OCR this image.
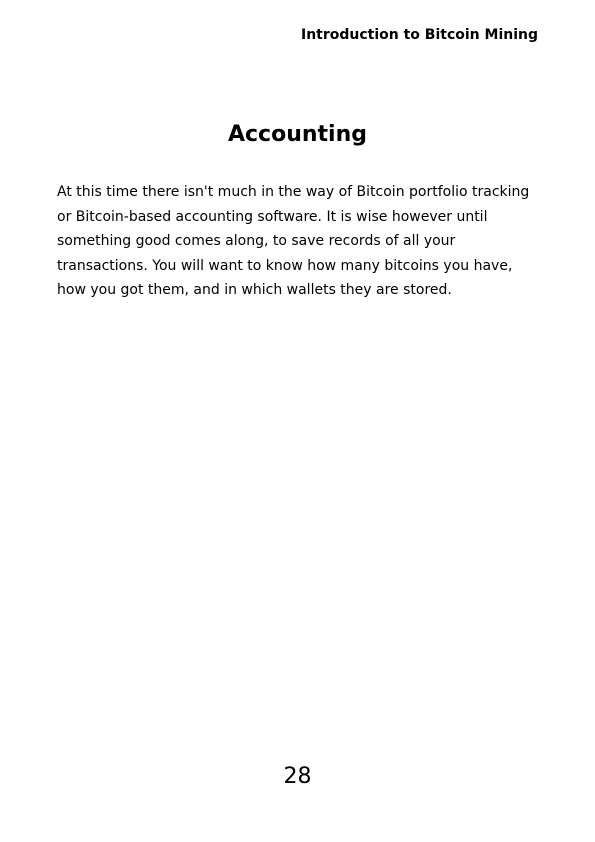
Introduction to Bitcoin Mining
Accounting

At this time there isn't much in the way of Bitcoin portfolio tracking
or Bitcoin-based accounting software. It is wise however until
something good comes along, to save records of all your
transactions. You will want to know how many bitcoins you have,
how you got them, and in which wallets they are stored.

28
